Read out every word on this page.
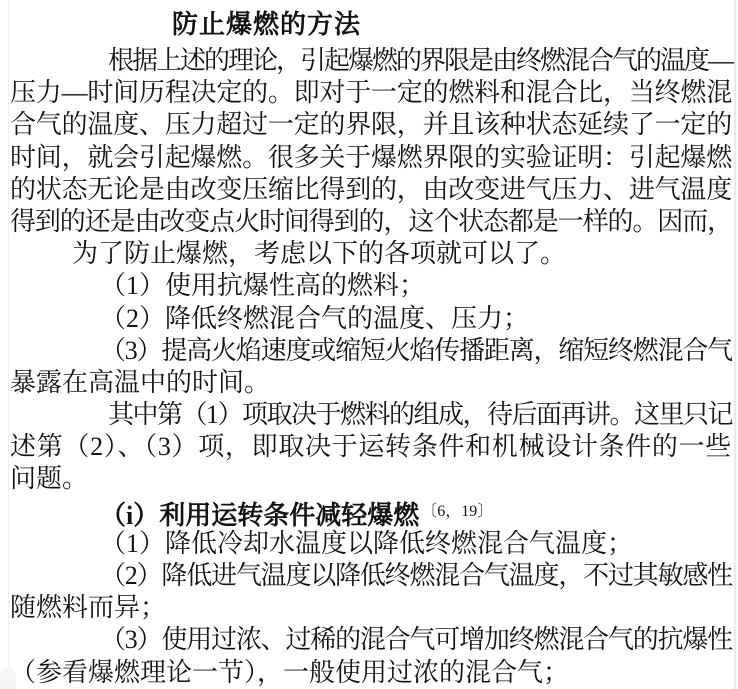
防止爆燃的方法
根据上述的理论，引起爆燃的界限是由终燃混合气的温度—
压力—时间历程决定的。即对于一定的燃料和混合比，当终燃混
合气的温度、压力超过一定的界限，并且该种状态延续了一定的
时间，就会引起爆燃。很多关于爆燃界限的实验证明：引起爆燃
的状态无论是由改变压缩比得到的，由改变进气压力、进气温度
得到的还是由改变点火时间得到的，这个状态都是一样的。因而，
为了防止爆燃，考虑以下的各项就可以了。
（1）使用抗爆性高的燃料；
（2）降低终燃混合气的温度、压力；
（3）提高火焰速度或缩短火焰传播距离，缩短终燃混合气
暴露在高温中的时间。
其中第（1）项取决于燃料的组成，待后面再讲。这里只记
述第（2）、（3）项，即取决于运转条件和机械设计条件的一些
问题。
（i）利用运转条件减轻爆燃 $^{〔6,19〕}$
（1）降低冷却水温度以降低终燃混合气温度；
（2）降低进气温度以降低终燃混合气温度，不过其敏感性
随燃料而异；
（3）使用过浓、过稀的混合气可增加终燃混合气的抗爆性
（参看爆燃理论一节），一般使用过浓的混合气；
